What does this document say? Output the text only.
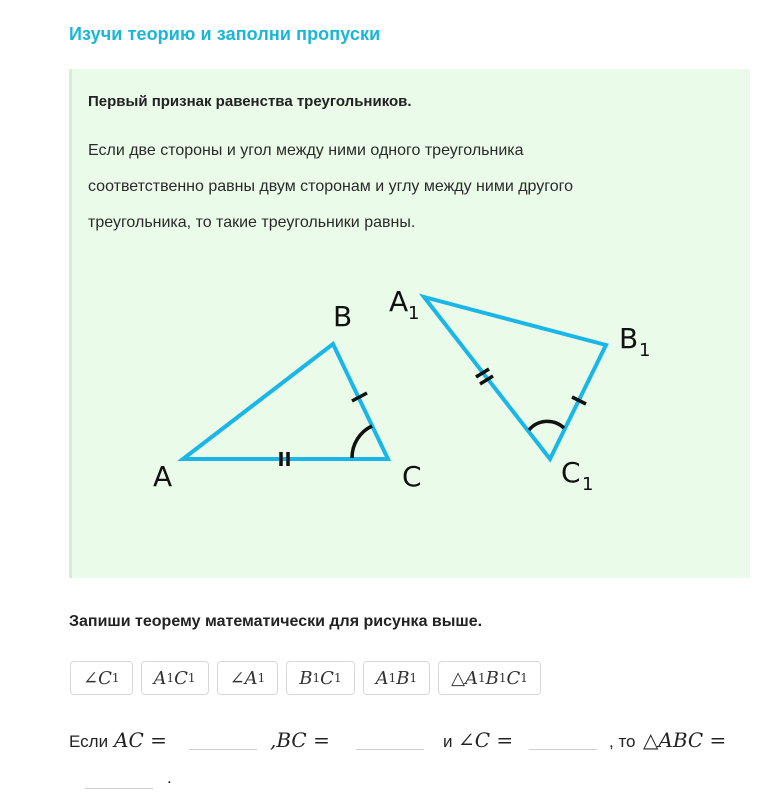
Изучи теорию и заполни пропуски
Первый признак равенства треугольников.
Если две стороны и угол между ними одного треугольника
соответственно равны двум сторонам и углу между ними другого
треугольника, то такие треугольники равны.
A
B
C
A 1
B 1
C 1
Запиши теорему математически для рисунка выше.
∠C 1 A 1 C 1 ∠A 1 B 1 C 1 A 1 B 1 △A 1 B 1 C 1
Если AC =	,BC =	и ∠C =	, то △ABC =
.
